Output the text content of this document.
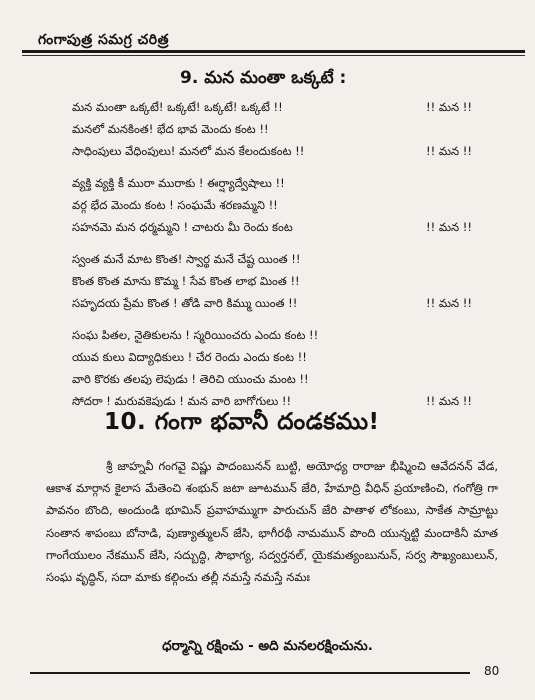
గంగాపుత్ర సమగ్ర చరిత్ర
9. మన మంతా ఒక్కటే :
మన మంతా ఒక్కటే! ఒక్కటే! ఒక్కటే! ఒక్కటే !!	!! మన !!
మనలో మనకింత! భేద భావ మెందు కంట !!
సాధింపులు వేధింపులు! మనలో మన కేలందుకంట !!	!! మన !!
వ్యక్తి వ్యక్తి కీ మురా మురాకు ! ఈర్ష్యాద్వేషాలు !!
వర్గ భేద మెందు కంట ! సంఘమే శరణమ్మని !!
సహనమె మన ధర్మమ్మని ! చాటరు మీ రెందు కంట	!! మన !!
స్వంత మనే మాట కొంత! స్వార్థ మనే చేష్ట యింత !!
కొంత కొంత మాను కొమ్మ ! సేవ కొంత లాభ మింత !!
సహృదయ ప్రేమ కొంత ! తోడి వారి కిమ్ము యింత !!	!! మన !!
సంఘ పితల, నైతికులను ! స్మరియించరు ఎందు కంట !!
యువ కులు విద్యాధికులు ! చేర రెందు ఎందు కంట !!
వారి కొరకు తలపు లెపుడు ! తెరిచి యుంచు మంట !!
సోదరా ! మరువకెపుడు ! మన వారి బాగోగులు !!	!! మన !!
10. గంగా భవానీ దండకము!
శ్రీ జాహ్నవీ గంగవై విష్ణు పాదంబునన్ బుట్టి, అయోధ్య రారాజు భీష్మించి ఆవేదనన్ వేడ, ఆకాశ మార్గాన కైలాస మేతెంచి శంభున్ జటా జూటమున్ జేరి, హేమాద్రి వీధిన్ ప్రయాణించి, గంగోత్రి గా పావనం బొంది, అందుండి భూమిన్ ప్రవాహమ్ముగా పారుచున్ జేరి పాతాళ లోకంబు, సాకేత సామ్రాట్టు సంతాన శాపంబు బోనాడి, పుణ్యాత్ములన్ జేసి, భాగీరథీ నామమున్ పొంది యున్నట్టి మందాకినీ మాత గాంగేయులం నేకమున్ జేసి, సద్బుద్ధి, సౌభాగ్య, సద్వర్తనల్, యైకమత్యంబునున్, సర్వ సౌఖ్యంబులున్, సంఘ వృద్ధిన్, సదా మాకు కల్గించు తల్లీ నమస్తే నమస్తే నమః
ధర్మాన్ని రక్షించు - అది మనలరక్షించును.
80
